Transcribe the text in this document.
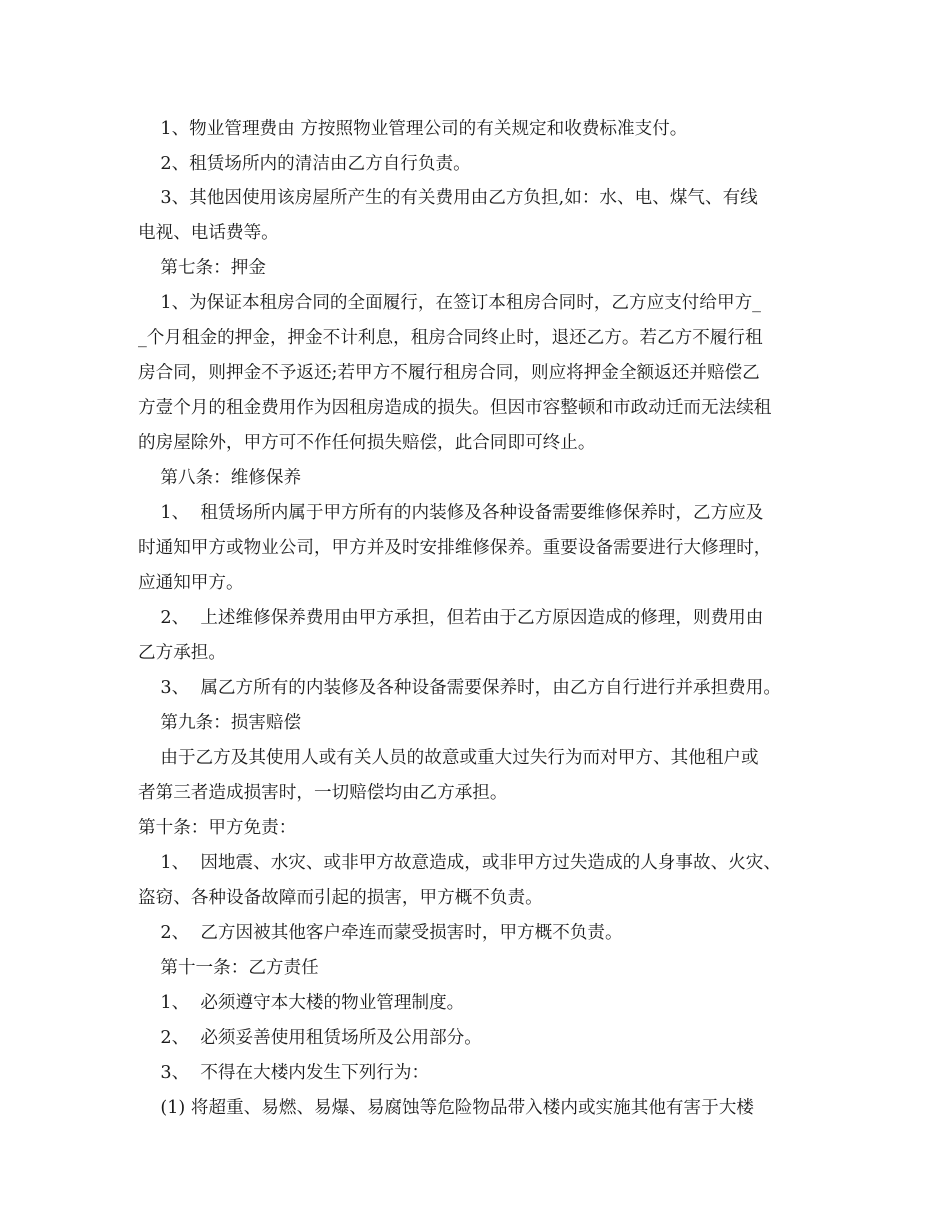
1、物业管理费由 方按照物业管理公司的有关规定和收费标准支付。
2、租赁场所内的清洁由乙方自行负责。
3、其他因使用该房屋所产生的有关费用由乙方负担,如：水、电、煤气、有线
电视、电话费等。
第七条：押金
1、为保证本租房合同的全面履行，在签订本租房合同时，乙方应支付给甲方_
_个月租金的押金，押金不计利息，租房合同终止时，退还乙方。若乙方不履行租
房合同，则押金不予返还;若甲方不履行租房合同，则应将押金全额返还并赔偿乙
方壹个月的租金费用作为因租房造成的损失。但因市容整顿和市政动迁而无法续租
的房屋除外，甲方可不作任何损失赔偿，此合同即可终止。
第八条：维修保养
1、  租赁场所内属于甲方所有的内装修及各种设备需要维修保养时，乙方应及
时通知甲方或物业公司，甲方并及时安排维修保养。重要设备需要进行大修理时，
应通知甲方。
2、  上述维修保养费用由甲方承担，但若由于乙方原因造成的修理，则费用由
乙方承担。
3、  属乙方所有的内装修及各种设备需要保养时，由乙方自行进行并承担费用。
第九条：损害赔偿
由于乙方及其使用人或有关人员的故意或重大过失行为而对甲方、其他租户或
者第三者造成损害时，一切赔偿均由乙方承担。
第十条：甲方免责：
1、  因地震、水灾、或非甲方故意造成，或非甲方过失造成的人身事故、火灾、
盗窃、各种设备故障而引起的损害，甲方概不负责。
2、  乙方因被其他客户牵连而蒙受损害时，甲方概不负责。
第十一条：乙方责任
1、  必须遵守本大楼的物业管理制度。
2、  必须妥善使用租赁场所及公用部分。
3、  不得在大楼内发生下列行为：
(1) 将超重、易燃、易爆、易腐蚀等危险物品带入楼内或实施其他有害于大楼
